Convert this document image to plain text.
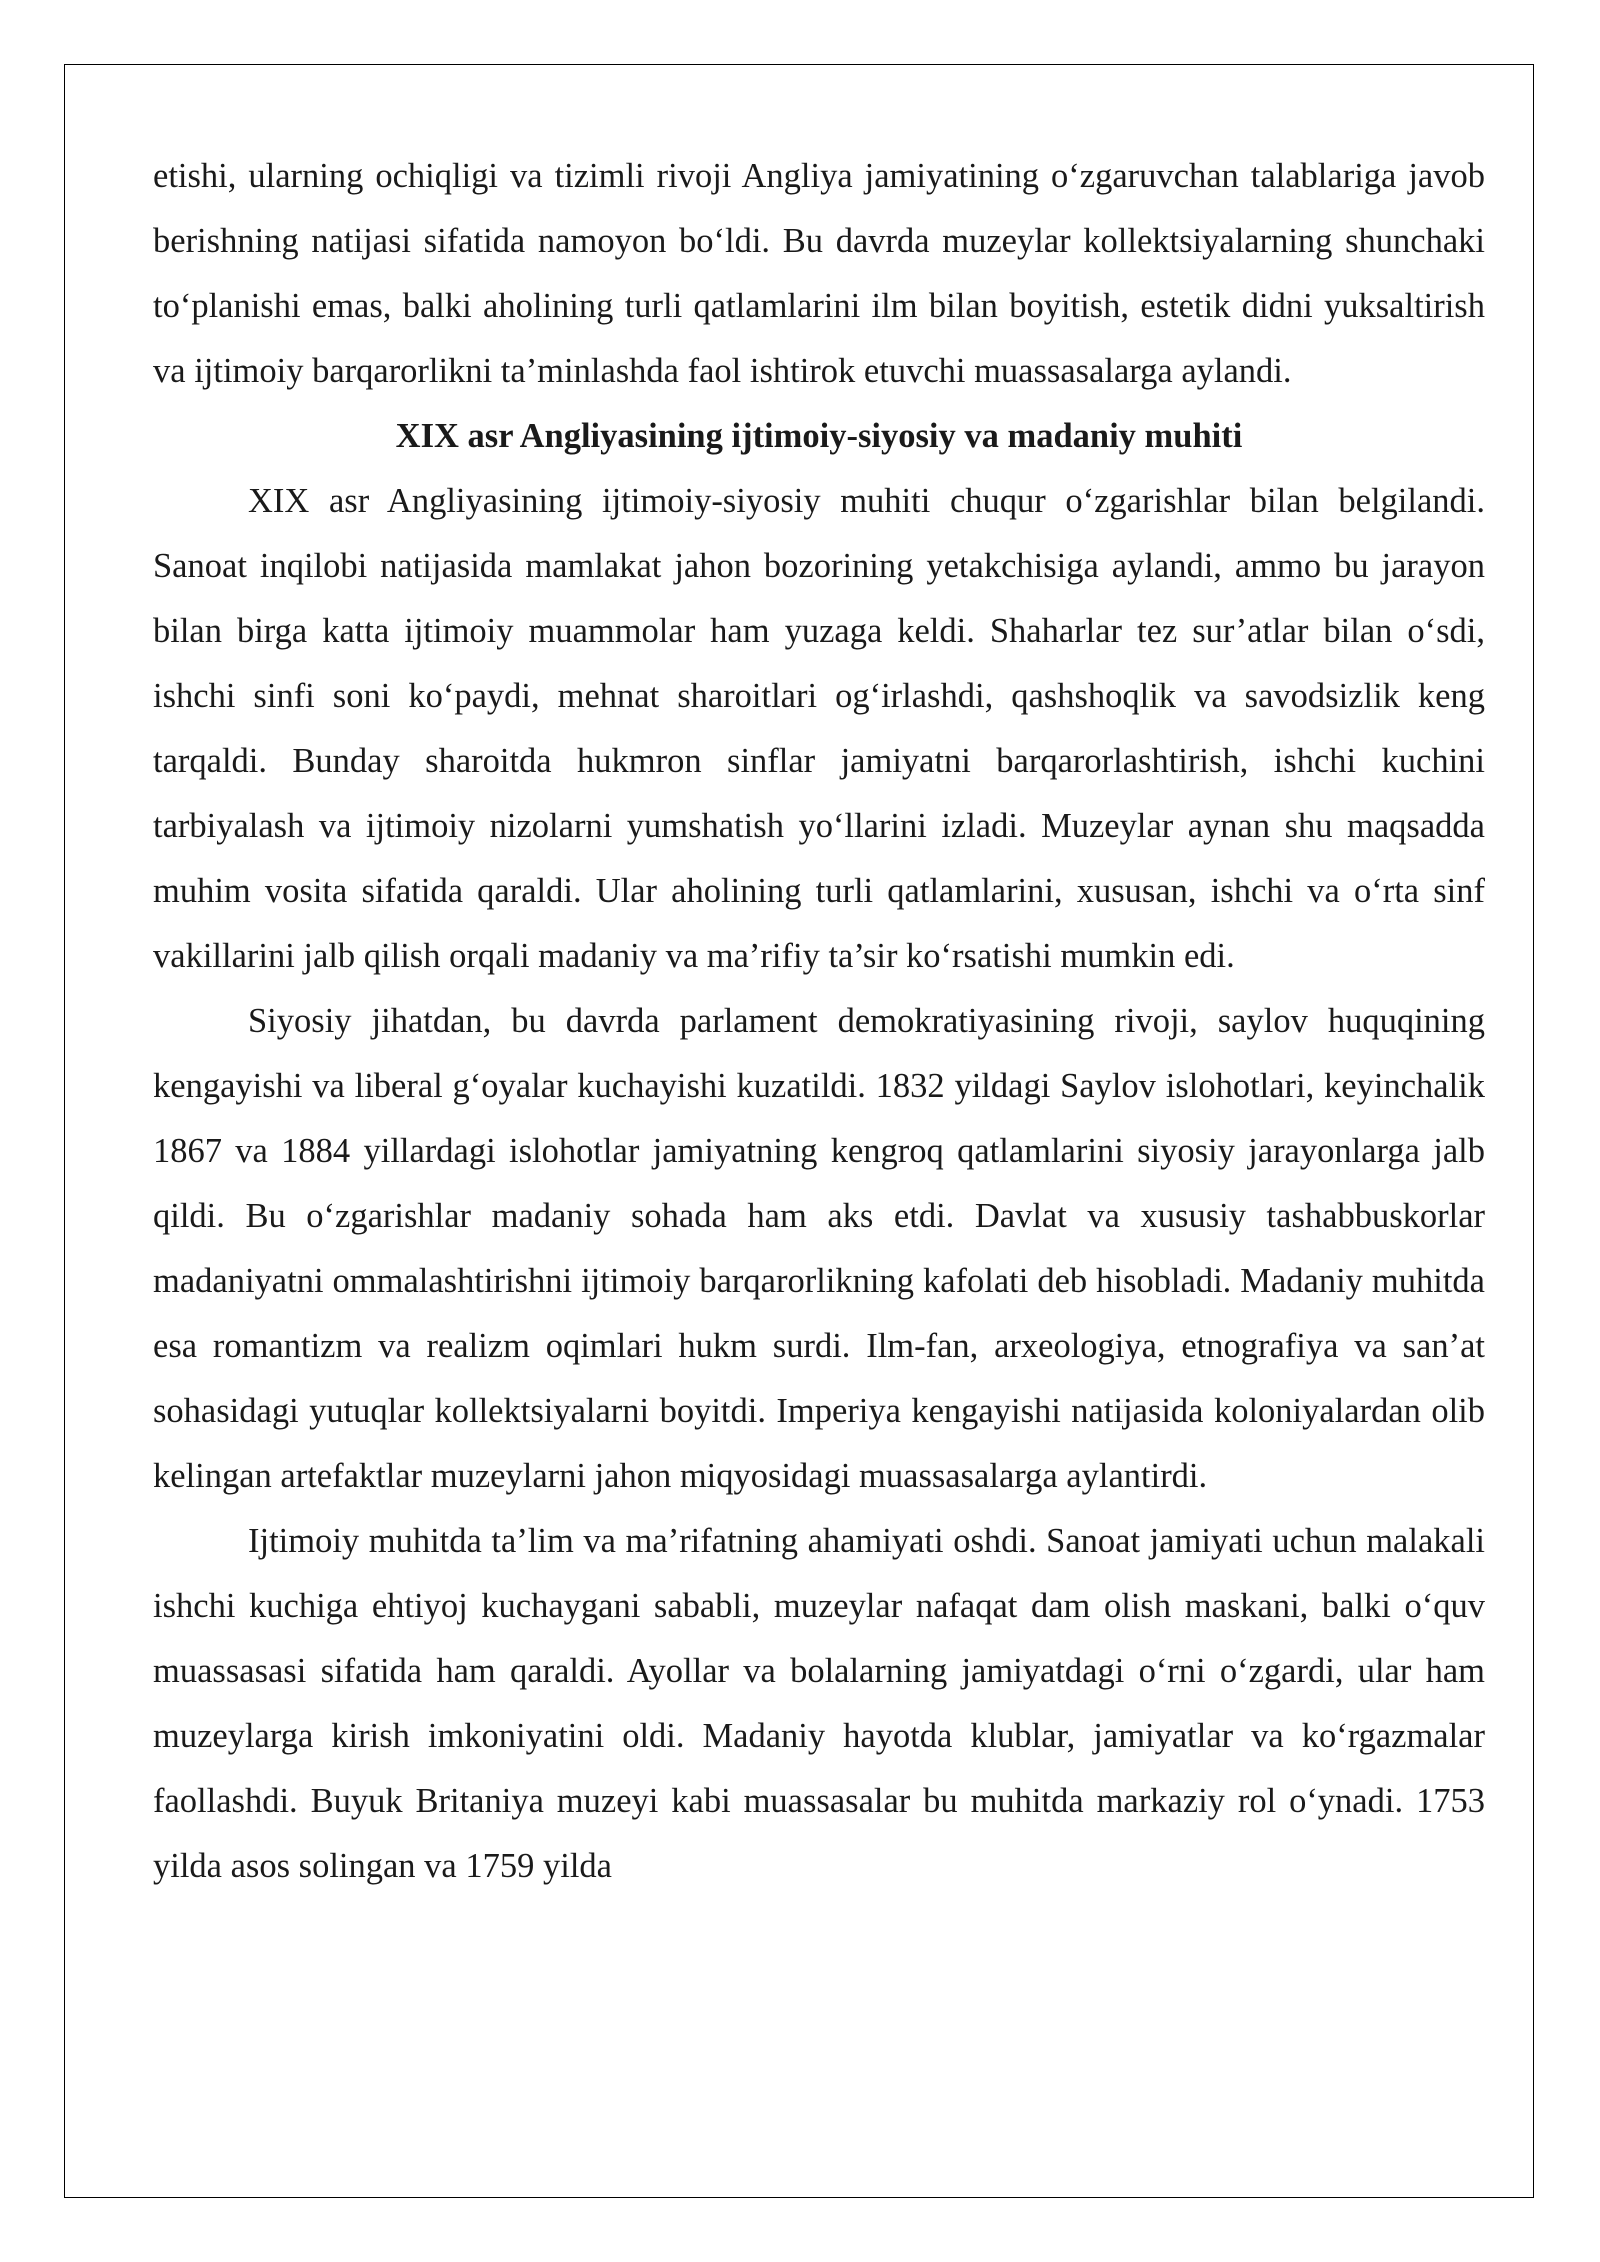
etishi, ularning ochiqligi va tizimli rivoji Angliya jamiyatining o‘zgaruvchan talablariga javob berishning natijasi sifatida namoyon bo‘ldi. Bu davrda muzeylar kollektsiyalarning shunchaki to‘planishi emas, balki aholining turli qatlamlarini ilm bilan boyitish, estetik didni yuksaltirish va ijtimoiy barqarorlikni ta’minlashda faol ishtirok etuvchi muassasalarga aylandi.

XIX asr Angliyasining ijtimoiy-siyosiy va madaniy muhiti

XIX asr Angliyasining ijtimoiy-siyosiy muhiti chuqur o‘zgarishlar bilan belgilandi. Sanoat inqilobi natijasida mamlakat jahon bozorining yetakchisiga aylandi, ammo bu jarayon bilan birga katta ijtimoiy muammolar ham yuzaga keldi. Shaharlar tez sur’atlar bilan o‘sdi, ishchi sinfi soni ko‘paydi, mehnat sharoitlari og‘irlashdi, qashshoqlik va savodsizlik keng tarqaldi. Bunday sharoitda hukmron sinflar jamiyatni barqarorlashtirish, ishchi kuchini tarbiyalash va ijtimoiy nizolarni yumshatish yo‘llarini izladi. Muzeylar aynan shu maqsadda muhim vosita sifatida qaraldi. Ular aholining turli qatlamlarini, xususan, ishchi va o‘rta sinf vakillarini jalb qilish orqali madaniy va ma’rifiy ta’sir ko‘rsatishi mumkin edi.

Siyosiy jihatdan, bu davrda parlament demokratiyasining rivoji, saylov huquqining kengayishi va liberal g‘oyalar kuchayishi kuzatildi. 1832 yildagi Saylov islohotlari, keyinchalik 1867 va 1884 yillardagi islohotlar jamiyatning kengroq qatlamlarini siyosiy jarayonlarga jalb qildi. Bu o‘zgarishlar madaniy sohada ham aks etdi. Davlat va xususiy tashabbuskorlar madaniyatni ommalashtirishni ijtimoiy barqarorlikning kafolati deb hisobladi. Madaniy muhitda esa romantizm va realizm oqimlari hukm surdi. Ilm-fan, arxeologiya, etnografiya va san’at sohasidagi yutuqlar kollektsiyalarni boyitdi. Imperiya kengayishi natijasida koloniyalardan olib kelingan artefaktlar muzeylarni jahon miqyosidagi muassasalarga aylantirdi.

Ijtimoiy muhitda ta’lim va ma’rifatning ahamiyati oshdi. Sanoat jamiyati uchun malakali ishchi kuchiga ehtiyoj kuchaygani sababli, muzeylar nafaqat dam olish maskani, balki o‘quv muassasasi sifatida ham qaraldi. Ayollar va bolalarning jamiyatdagi o‘rni o‘zgardi, ular ham muzeylarga kirish imkoniyatini oldi. Madaniy hayotda klublar, jamiyatlar va ko‘rgazmalar faollashdi. Buyuk Britaniya muzeyi kabi muassasalar bu muhitda markaziy rol o‘ynadi. 1753 yilda asos solingan va 1759 yilda
